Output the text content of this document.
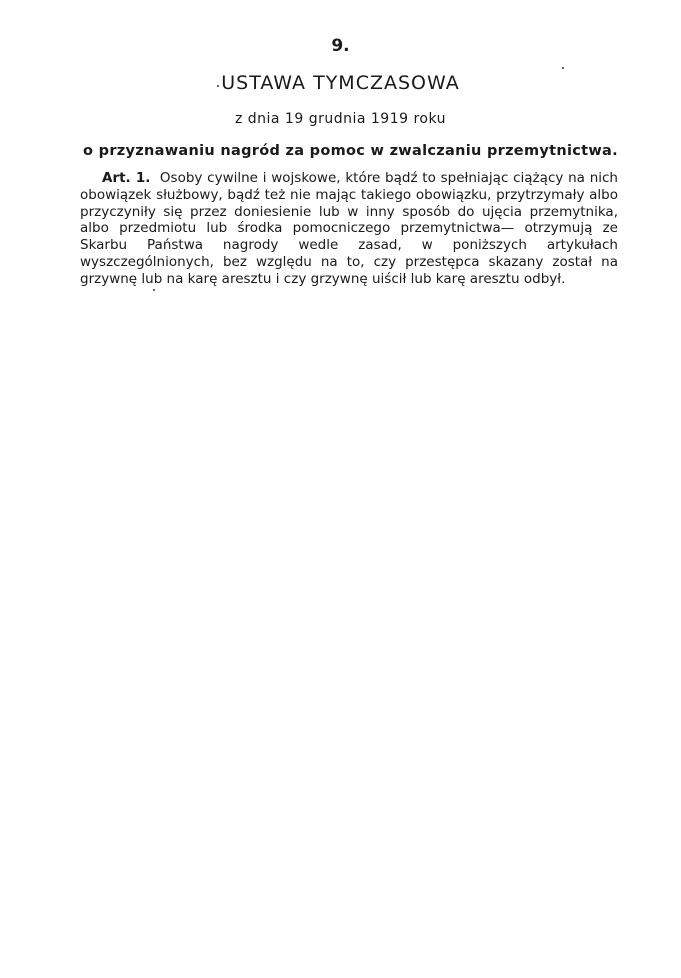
9.
USTAWA TYMCZASOWA
z dnia 19 grudnia 1919 roku
o przyznawaniu nagród za pomoc w zwalczaniu przemytnictwa.

Art. 1. Osoby cywilne i wojskowe, które bądź to spełniając ciążący na nich obowiązek służbowy, bądź też nie mając takiego obowiązku, przytrzymały albo przyczyniły się przez doniesienie lub w inny sposób do ujęcia przemytnika, albo przedmiotu lub środka pomocniczego przemytnictwa— otrzymują ze Skarbu Państwa nagrody wedle zasad, w poniższych artykułach wyszczególnionych, bez względu na to, czy przestępca skazany został na grzywnę lub na karę aresztu i czy grzywnę uiścił lub karę aresztu odbył.
